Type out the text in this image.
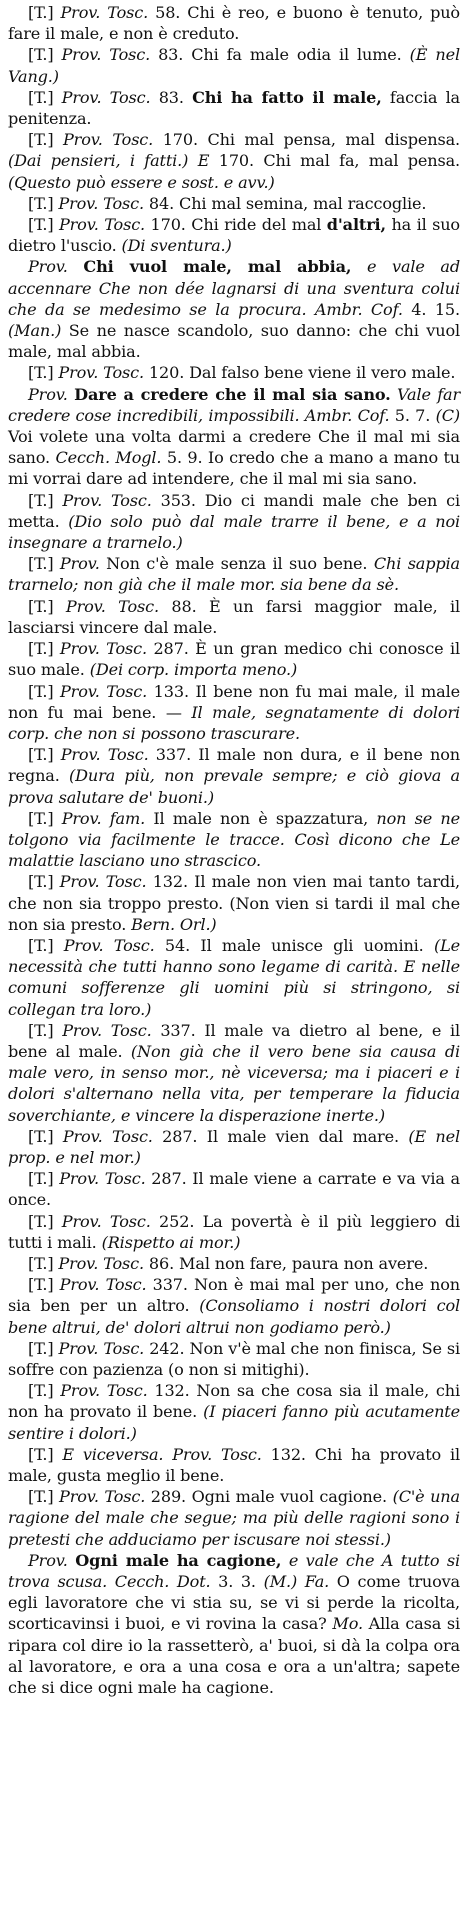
[T.] Prov. Tosc. 58. Chi è reo, e buono è tenuto, può fare il male, e non è creduto.

[T.] Prov. Tosc. 83. Chi fa male odia il lume. (È nel Vang.)

[T.] Prov. Tosc. 83. Chi ha fatto il male, faccia la penitenza.

[T.] Prov. Tosc. 170. Chi mal pensa, mal dispensa. (Dai pensieri, i fatti.) E 170. Chi mal fa, mal pensa. (Questo può essere e sost. e avv.)

[T.] Prov. Tosc. 84. Chi mal semina, mal raccoglie.

[T.] Prov. Tosc. 170. Chi ride del mal d'altri, ha il suo dietro l'uscio. (Di sventura.)

Prov. Chi vuol male, mal abbia, e vale ad accennare Che non dée lagnarsi di una sventura colui che da se medesimo se la procura. Ambr. Cof. 4. 15. (Man.) Se ne nasce scandolo, suo danno: che chi vuol male, mal abbia.

[T.] Prov. Tosc. 120. Dal falso bene viene il vero male.

Prov. Dare a credere che il mal sia sano. Vale far credere cose incredibili, impossibili. Ambr. Cof. 5. 7. (C) Voi volete una volta darmi a credere Che il mal mi sia sano. Cecch. Mogl. 5. 9. Io credo che a mano a mano tu mi vorrai dare ad intendere, che il mal mi sia sano.

[T.] Prov. Tosc. 353. Dio ci mandi male che ben ci metta. (Dio solo può dal male trarre il bene, e a noi insegnare a trarnelo.)

[T.] Prov. Non c'è male senza il suo bene. Chi sappia trarnelo; non già che il male mor. sia bene da sè.

[T.] Prov. Tosc. 88. È un farsi maggior male, il lasciarsi vincere dal male.

[T.] Prov. Tosc. 287. È un gran medico chi conosce il suo male. (Dei corp. importa meno.)

[T.] Prov. Tosc. 133. Il bene non fu mai male, il male non fu mai bene. — Il male, segnatamente di dolori corp. che non si possono trascurare.

[T.] Prov. Tosc. 337. Il male non dura, e il bene non regna. (Dura più, non prevale sempre; e ciò giova a prova salutare de' buoni.)

[T.] Prov. fam. Il male non è spazzatura, non se ne tolgono via facilmente le tracce. Così dicono che Le malattie lasciano uno strascico.

[T.] Prov. Tosc. 132. Il male non vien mai tanto tardi, che non sia troppo presto. (Non vien si tardi il mal che non sia presto. Bern. Orl.)

[T.] Prov. Tosc. 54. Il male unisce gli uomini. (Le necessità che tutti hanno sono legame di carità. E nelle comuni sofferenze gli uomini più si stringono, si collegan tra loro.)

[T.] Prov. Tosc. 337. Il male va dietro al bene, e il bene al male. (Non già che il vero bene sia causa di male vero, in senso mor., nè viceversa; ma i piaceri e i dolori s'alternano nella vita, per temperare la fiducia soverchiante, e vincere la disperazione inerte.)

[T.] Prov. Tosc. 287. Il male vien dal mare. (E nel prop. e nel mor.)

[T.] Prov. Tosc. 287. Il male viene a carrate e va via a once.

[T.] Prov. Tosc. 252. La povertà è il più leggiero di tutti i mali. (Rispetto ai mor.)

[T.] Prov. Tosc. 86. Mal non fare, paura non avere.

[T.] Prov. Tosc. 337. Non è mai mal per uno, che non sia ben per un altro. (Consoliamo i nostri dolori col bene altrui, de' dolori altrui non godiamo però.)

[T.] Prov. Tosc. 242. Non v'è mal che non finisca, Se si soffre con pazienza (o non si mitighi).

[T.] Prov. Tosc. 132. Non sa che cosa sia il male, chi non ha provato il bene. (I piaceri fanno più acutamente sentire i dolori.)

[T.] E viceversa. Prov. Tosc. 132. Chi ha provato il male, gusta meglio il bene.

[T.] Prov. Tosc. 289. Ogni male vuol cagione. (C'è una ragione del male che segue; ma più delle ragioni sono i pretesti che adduciamo per iscusare noi stessi.)

Prov. Ogni male ha cagione, e vale che A tutto si trova scusa. Cecch. Dot. 3. 3. (M.) Fa. O come truova egli lavoratore che vi stia su, se vi si perde la ricolta, scorticavinsi i buoi, e vi rovina la casa? Mo. Alla casa si ripara col dire io la rassetterò, a' buoi, si dà la colpa ora al lavoratore, e ora a una cosa e ora a un'altra; sapete che si dice ogni male ha cagione.
